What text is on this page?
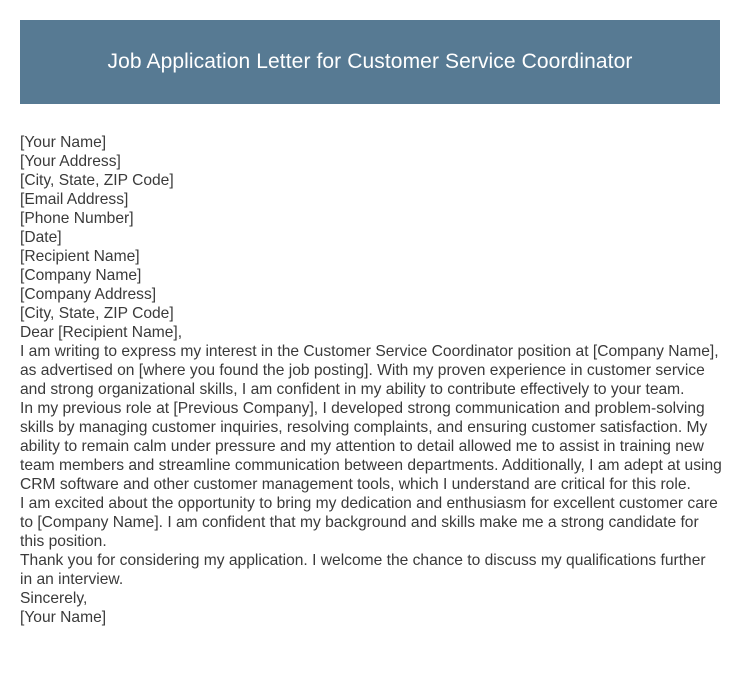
Job Application Letter for Customer Service Coordinator
[Your Name]
[Your Address]
[City, State, ZIP Code]
[Email Address]
[Phone Number]
[Date]
[Recipient Name]
[Company Name]
[Company Address]
[City, State, ZIP Code]
Dear [Recipient Name],

I am writing to express my interest in the Customer Service Coordinator position at [Company Name], as advertised on [where you found the job posting]. With my proven experience in customer service and strong organizational skills, I am confident in my ability to contribute effectively to your team.

In my previous role at [Previous Company], I developed strong communication and problem-solving skills by managing customer inquiries, resolving complaints, and ensuring customer satisfaction. My ability to remain calm under pressure and my attention to detail allowed me to assist in training new team members and streamline communication between departments. Additionally, I am adept at using CRM software and other customer management tools, which I understand are critical for this role.

I am excited about the opportunity to bring my dedication and enthusiasm for excellent customer care to [Company Name]. I am confident that my background and skills make me a strong candidate for this position.

Thank you for considering my application. I welcome the chance to discuss my qualifications further in an interview.

Sincerely,
[Your Name]
